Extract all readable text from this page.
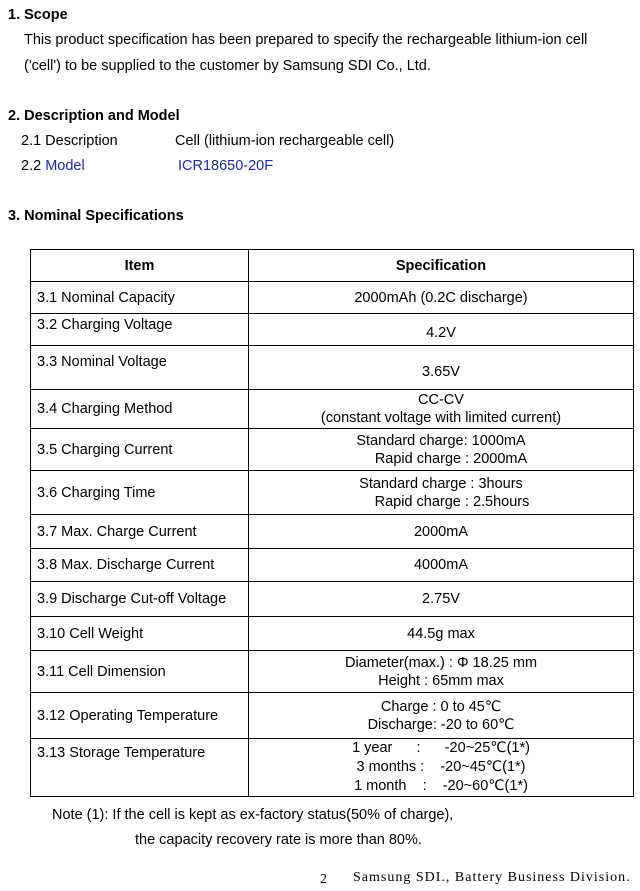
1. Scope
This product specification has been prepared to specify the rechargeable lithium-ion cell
('cell') to be supplied to the customer by Samsung SDI Co., Ltd.
2. Description and Model
2.1 Description	Cell (lithium-ion rechargeable cell)
2.2 Model	ICR18650-20F
3. Nominal Specifications
Item	Specification
3.1 Nominal Capacity	2000mAh (0.2C discharge)

3.2 Charging Voltage	4.2V

3.3 Nominal Voltage	3.65V

3.4 Charging Method	CC-CV
(constant voltage with limited current)

3.5 Charging Current	Standard charge: 1000mA
Rapid charge : 2000mA

3.6 Charging Time	Standard charge : 3hours
Rapid charge : 2.5hours

3.7 Max. Charge Current	2000mA

3.8 Max. Discharge Current	4000mA

3.9 Discharge Cut-off Voltage	2.75V

3.10 Cell Weight	44.5g max

3.11 Cell Dimension	Diameter(max.) : Φ 18.25 mm
Height : 65mm max

3.12 Operating Temperature	Charge : 0 to 45℃
Discharge: -20 to 60℃

3.13 Storage Temperature	1 year      :      -20~25℃(1*)
3 months :    -20~45℃(1*)
1 month    :    -20~60℃(1*)
Note (1): If the cell is kept as ex-factory status(50% of charge),
the capacity recovery rate is more than 80%.
2 Samsung SDI., Battery Business Division.
